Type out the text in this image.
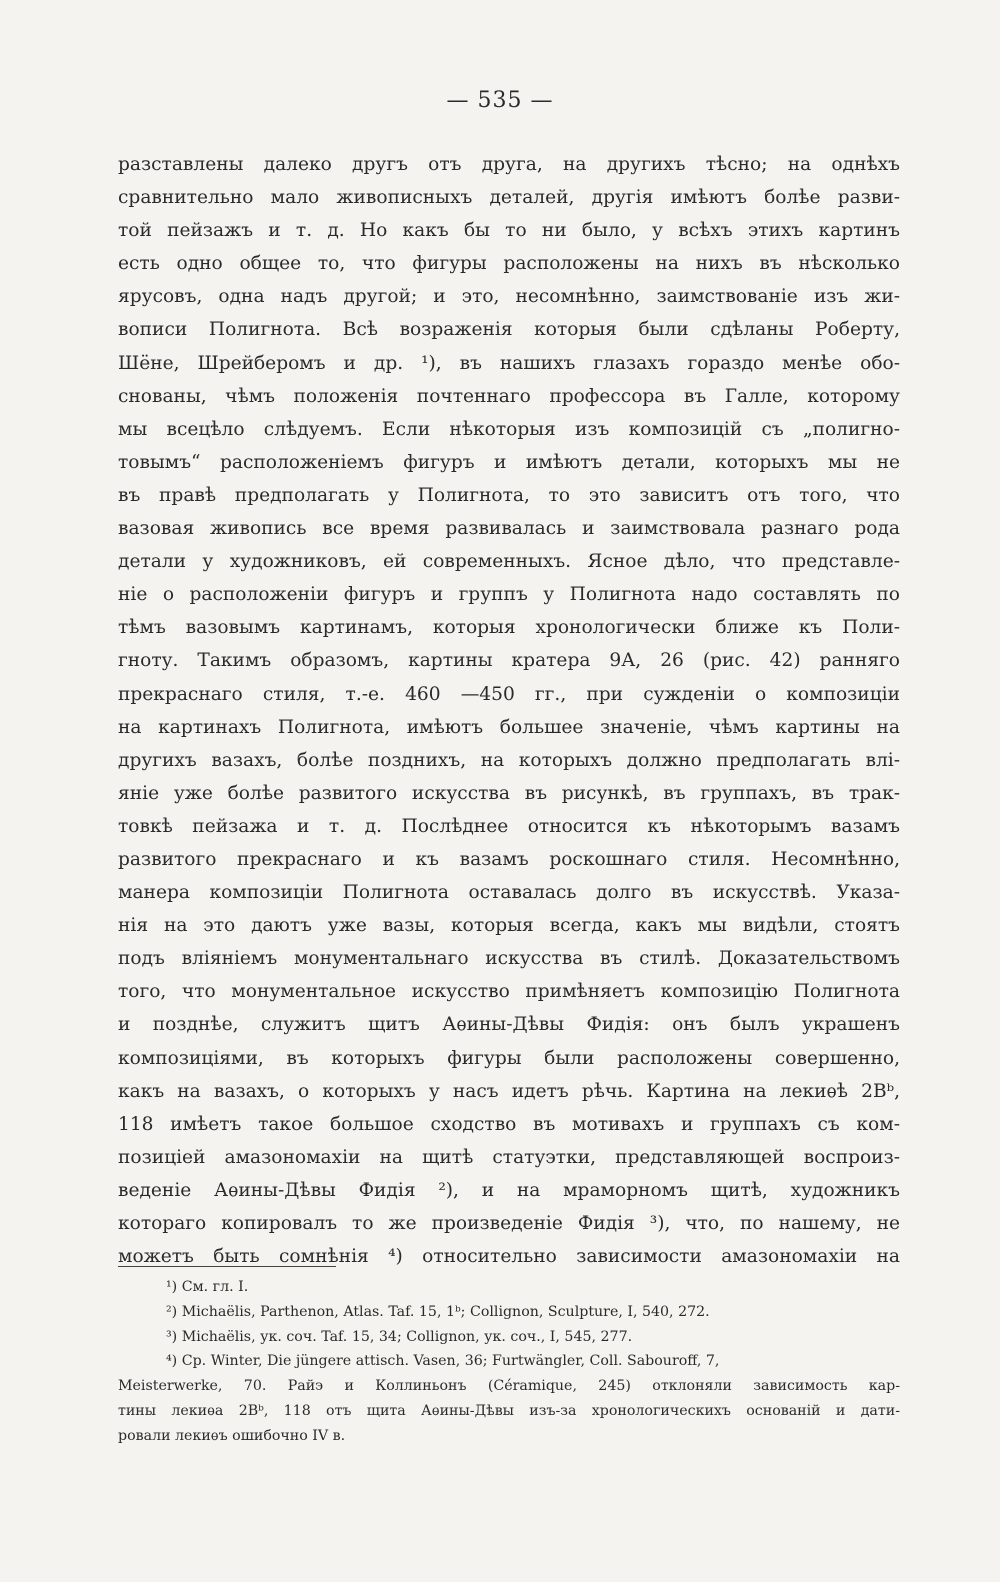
— 535 —
разставлены далеко другъ отъ друга, на другихъ тѣсно; на однѣхъ
сравнительно мало живописныхъ деталей, другія имѣютъ болѣе разви-
той пейзажъ и т. д. Но какъ бы то ни было, у всѣхъ этихъ картинъ
есть одно общее то, что фигуры расположены на нихъ въ нѣсколько
ярусовъ, одна надъ другой; и это, несомнѣнно, заимствованіе изъ жи-
вописи Полигнота. Всѣ возраженія которыя были сдѣланы Роберту,
Шёне, Шрейберомъ и др. ¹), въ нашихъ глазахъ гораздо менѣе обо-
снованы, чѣмъ положенія почтеннаго профессора въ Галле, которому
мы всецѣло слѣдуемъ. Если нѣкоторыя изъ композицій съ „полигно-
товымъ“ расположеніемъ фигуръ и имѣютъ детали, которыхъ мы не
въ правѣ предполагать у Полигнота, то это зависитъ отъ того, что
вазовая живопись все время развивалась и заимствовала разнаго рода
детали у художниковъ, ей современныхъ. Ясное дѣло, что представле-
ніе о расположеніи фигуръ и группъ у Полигнота надо составлять по
тѣмъ вазовымъ картинамъ, которыя хронологически ближе къ Поли-
гноту. Такимъ образомъ, картины кратера 9А, 26 (рис. 42) ранняго
прекраснаго стиля, т.-е. 460 —450 гг., при сужденіи о композиціи
на картинахъ Полигнота, имѣютъ большее значеніе, чѣмъ картины на
другихъ вазахъ, болѣе позднихъ, на которыхъ должно предполагать влі-
яніе уже болѣе развитого искусства въ рисункѣ, въ группахъ, въ трак-
товкѣ пейзажа и т. д. Послѣднее относится къ нѣкоторымъ вазамъ
развитого прекраснаго и къ вазамъ роскошнаго стиля. Несомнѣнно,
манера композиціи Полигнота оставалась долго въ искусствѣ. Указа-
нія на это даютъ уже вазы, которыя всегда, какъ мы видѣли, стоятъ
подъ вліяніемъ монументальнаго искусства въ стилѣ. Доказательствомъ
того, что монументальное искусство примѣняетъ композицію Полигнота
и позднѣе, служитъ щитъ Аѳины-Дѣвы Фидія: онъ былъ украшенъ
композиціями, въ которыхъ фигуры были расположены совершенно,
какъ на вазахъ, о которыхъ у насъ идетъ рѣчь. Картина на лекиѳѣ 2Bᵇ,
118 имѣетъ такое большое сходство въ мотивахъ и группахъ съ ком-
позиціей амазономахіи на щитѣ статуэтки, представляющей воспроиз-
веденіе Аѳины-Дѣвы Фидія ²), и на мраморномъ щитѣ, художникъ
котораго копировалъ то же произведеніе Фидія ³), что, по нашему, не
можетъ быть сомнѣнія ⁴) относительно зависимости амазономахіи на
¹) См. гл. I.
²) Michaëlis, Parthenon, Atlas. Taf. 15, 1ᵇ; Collignon, Sculpture, I, 540, 272.
³) Michaëlis, ук. соч. Taf. 15, 34; Collignon, ук. соч., I, 545, 277.
⁴) Ср. Winter, Die jüngere attisch. Vasen, 36; Furtwängler, Coll. Sabouroff, 7,
Meisterwerke, 70. Райэ и Коллиньонъ (Céramique, 245) отклоняли зависимость кар-
тины лекиѳа 2Bᵇ, 118 отъ щита Аѳины-Дѣвы изъ-за хронологическихъ основаній и дати-
ровали лекиѳъ ошибочно IV в.
